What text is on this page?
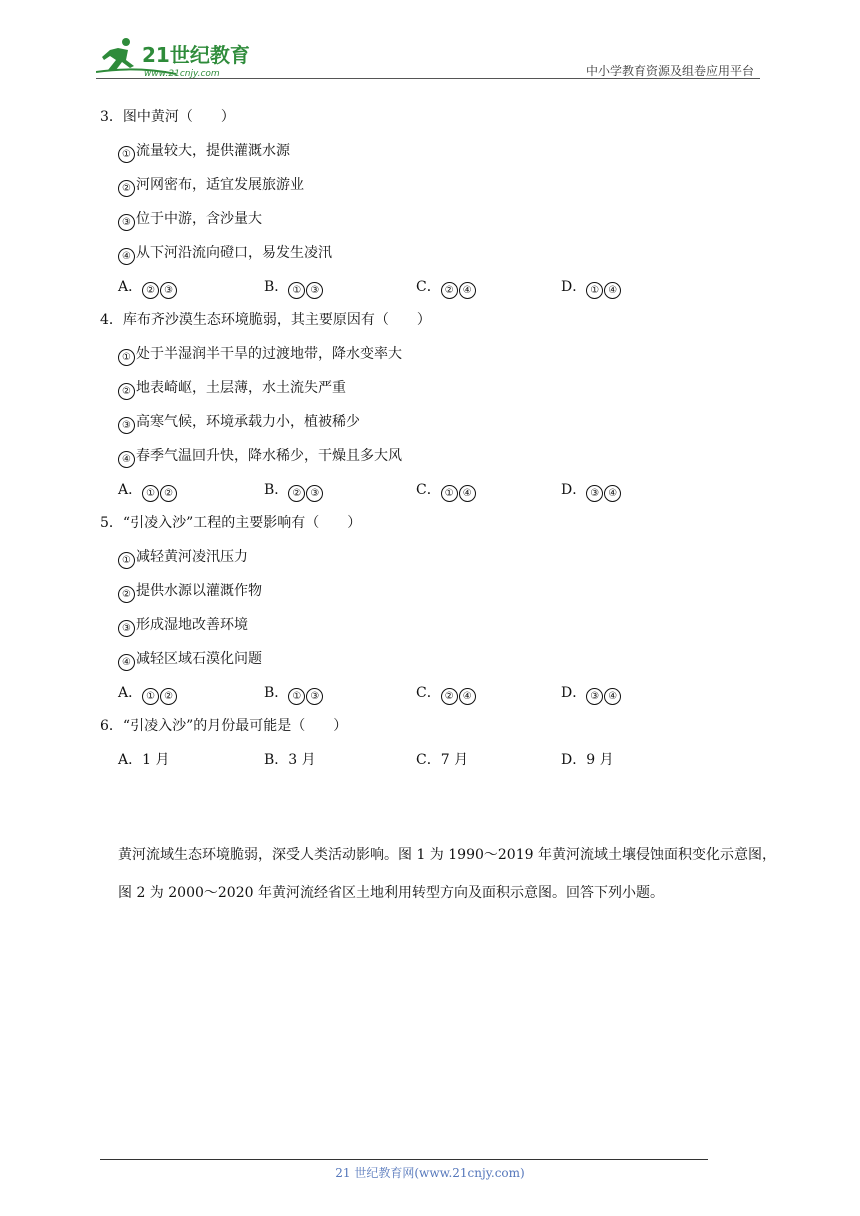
21世纪教育
www.21cnjy.com	中小学教育资源及组卷应用平台
3．图中黄河（　　）
① 流量较大，提供灌溉水源
② 河网密布，适宜发展旅游业
③ 位于中游，含沙量大
④ 从下河沿流向磴口，易发生凌汛
A． ② ③	B． ① ③	C． ② ④	D． ① ④
4．库布齐沙漠生态环境脆弱，其主要原因有（　　）
① 处于半湿润半干旱的过渡地带，降水变率大
② 地表崎岖，土层薄，水土流失严重
③ 高寒气候，环境承载力小，植被稀少
④ 春季气温回升快，降水稀少，干燥且多大风
A． ① ②	B． ② ③	C． ① ④	D． ③ ④
5．“引凌入沙”工程的主要影响有（　　）
① 减轻黄河凌汛压力
② 提供水源以灌溉作物
③ 形成湿地改善环境
④ 减轻区域石漠化问题
A． ① ②	B． ① ③	C． ② ④	D． ③ ④
6．“引凌入沙”的月份最可能是（　　）
A．1 月	B．3 月	C．7 月	D．9 月
黄河流域生态环境脆弱，深受人类活动影响。图 1 为 1990～2019 年黄河流域土壤侵蚀面积变化示意图，图 2 为 2000～2020 年黄河流经省区土地利用转型方向及面积示意图。回答下列小题。
21 世纪教育网(www.21cnjy.com)
